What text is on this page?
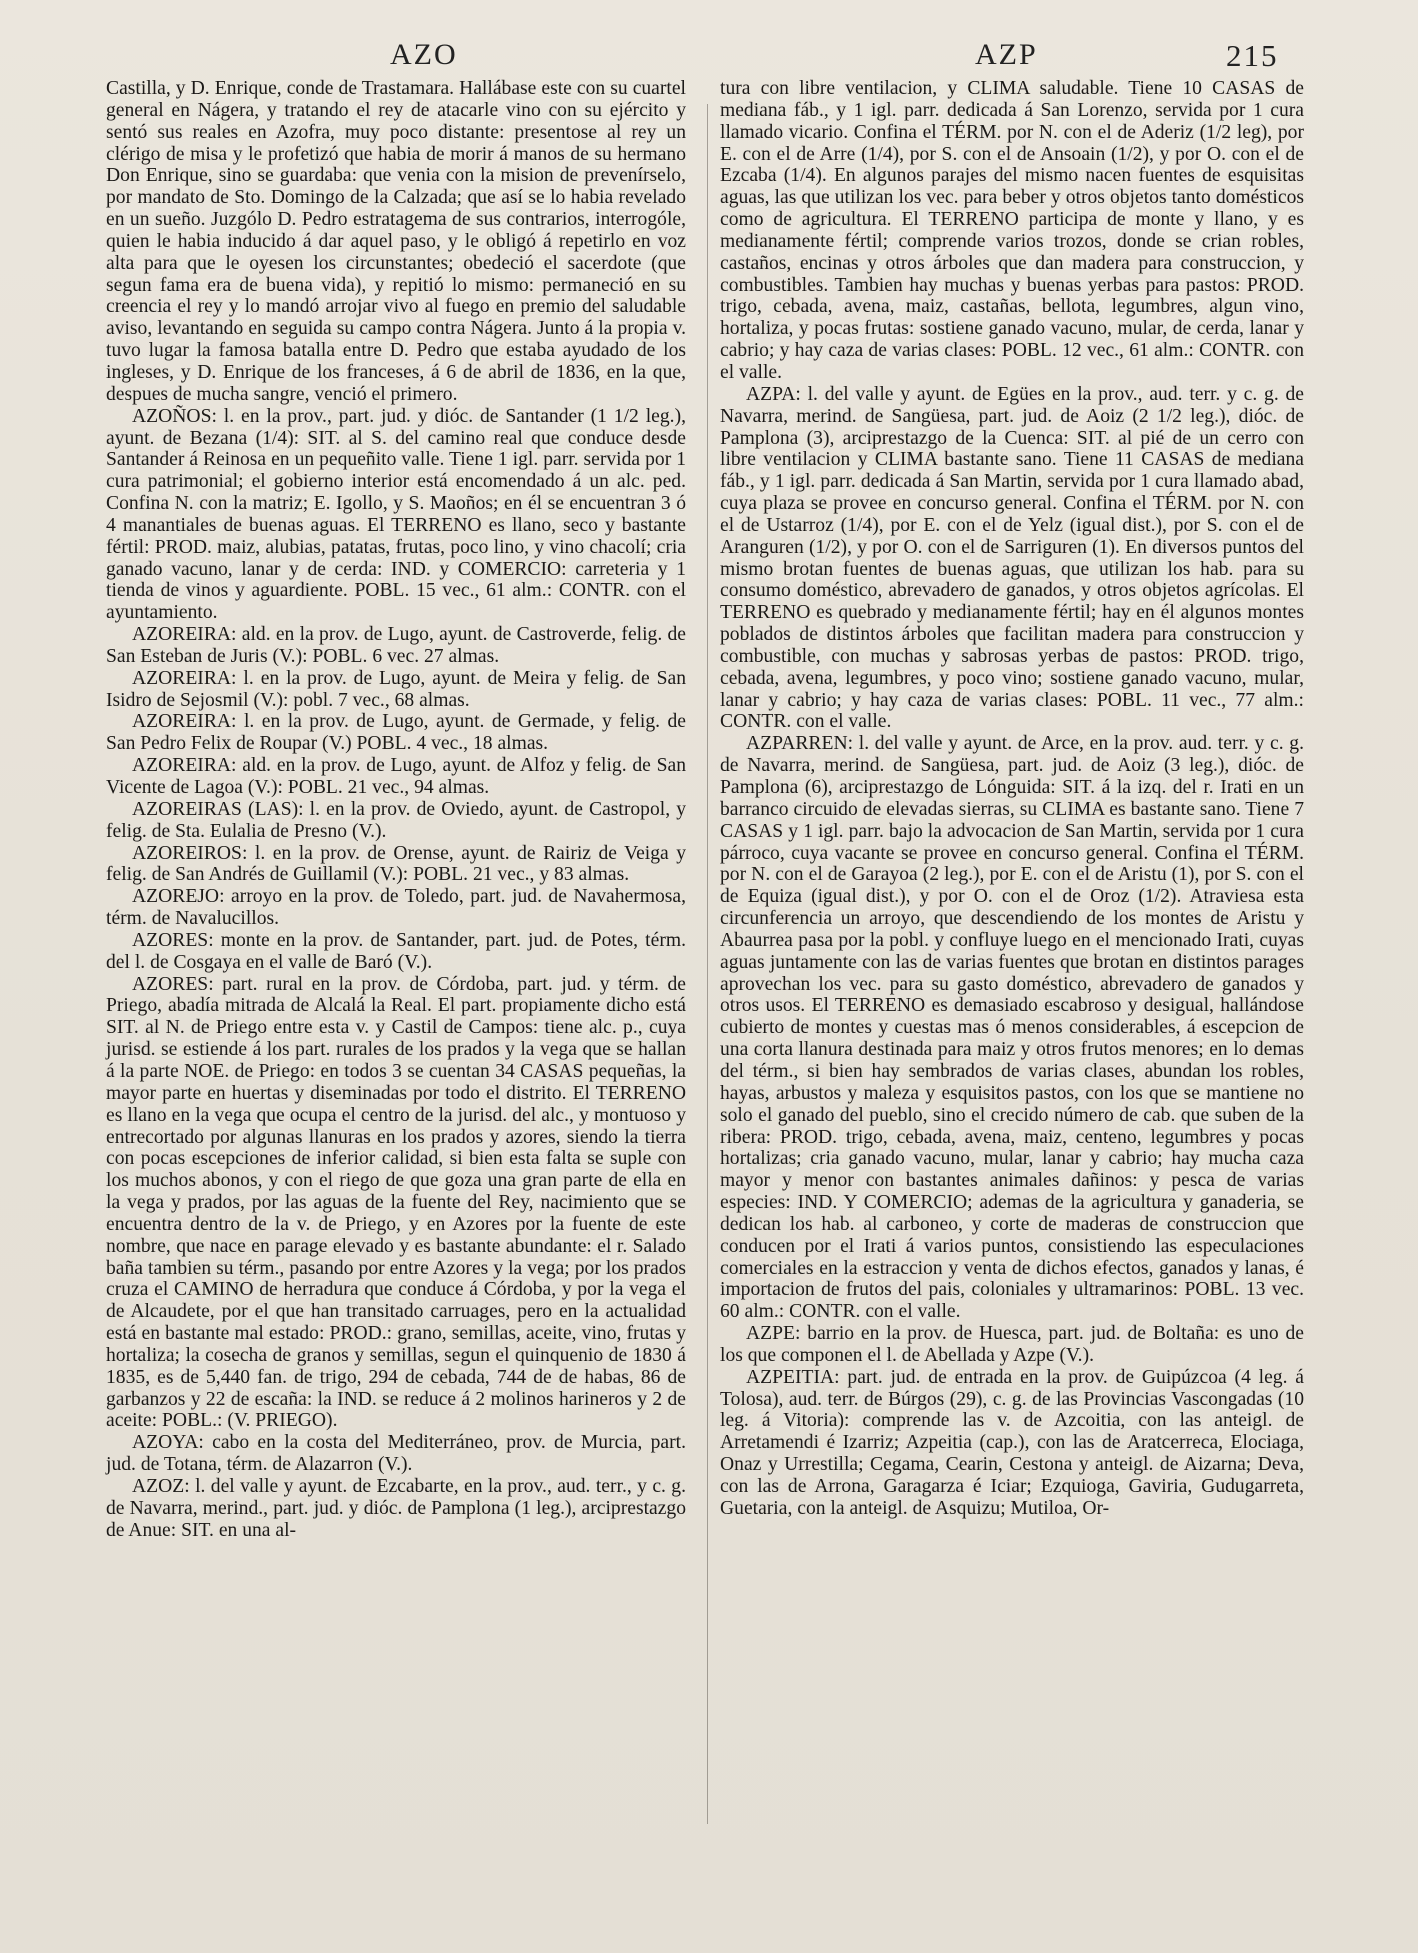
AZO	AZP	215

Castilla, y D. Enrique, conde de Trastamara. Hallábase este con su cuartel general en Nágera, y tratando el rey de atacarle vino con su ejército y sentó sus reales en Azofra, muy poco distante: presentose al rey un clérigo de misa y le profetizó que habia de morir á manos de su hermano Don Enrique, sino se guardaba: que venia con la mision de prevenírselo, por mandato de Sto. Domingo de la Calzada; que así se lo habia revelado en un sueño. Juzgólo D. Pedro estratagema de sus contrarios, interrogóle, quien le habia inducido á dar aquel paso, y le obligó á repetirlo en voz alta para que le oyesen los circunstantes; obedeció el sacerdote (que segun fama era de buena vida), y repitió lo mismo: permaneció en su creencia el rey y lo mandó arrojar vivo al fuego en premio del saludable aviso, levantando en seguida su campo contra Nágera. Junto á la propia v. tuvo lugar la famosa batalla entre D. Pedro que estaba ayudado de los ingleses, y D. Enrique de los franceses, á 6 de abril de 1836, en la que, despues de mucha sangre, venció el primero.

AZOÑOS: l. en la prov., part. jud. y dióc. de Santander (1 1/2 leg.), ayunt. de Bezana (1/4): SIT. al S. del camino real que conduce desde Santander á Reinosa en un pequeñito valle. Tiene 1 igl. parr. servida por 1 cura patrimonial; el gobierno interior está encomendado á un alc. ped. Confina N. con la matriz; E. Igollo, y S. Maoños; en él se encuentran 3 ó 4 manantiales de buenas aguas. El TERRENO es llano, seco y bastante fértil: PROD. maiz, alubias, patatas, frutas, poco lino, y vino chacolí; cria ganado vacuno, lanar y de cerda: IND. y COMERCIO: carreteria y 1 tienda de vinos y aguardiente. POBL. 15 vec., 61 alm.: CONTR. con el ayuntamiento.

AZOREIRA: ald. en la prov. de Lugo, ayunt. de Castroverde, felig. de San Esteban de Juris (V.): POBL. 6 vec. 27 almas.

AZOREIRA: l. en la prov. de Lugo, ayunt. de Meira y felig. de San Isidro de Sejosmil (V.): pobl. 7 vec., 68 almas.

AZOREIRA: l. en la prov. de Lugo, ayunt. de Germade, y felig. de San Pedro Felix de Roupar (V.) POBL. 4 vec., 18 almas.

AZOREIRA: ald. en la prov. de Lugo, ayunt. de Alfoz y felig. de San Vicente de Lagoa (V.): POBL. 21 vec., 94 almas.

AZOREIRAS (LAS): l. en la prov. de Oviedo, ayunt. de Castropol, y felig. de Sta. Eulalia de Presno (V.).

AZOREIROS: l. en la prov. de Orense, ayunt. de Rairiz de Veiga y felig. de San Andrés de Guillamil (V.): POBL. 21 vec., y 83 almas.

AZOREJO: arroyo en la prov. de Toledo, part. jud. de Navahermosa, térm. de Navalucillos.

AZORES: monte en la prov. de Santander, part. jud. de Potes, térm. del l. de Cosgaya en el valle de Baró (V.).

AZORES: part. rural en la prov. de Córdoba, part. jud. y térm. de Priego, abadía mitrada de Alcalá la Real. El part. propiamente dicho está SIT. al N. de Priego entre esta v. y Castil de Campos: tiene alc. p., cuya jurisd. se estiende á los part. rurales de los prados y la vega que se hallan á la parte NOE. de Priego: en todos 3 se cuentan 34 CASAS pequeñas, la mayor parte en huertas y diseminadas por todo el distrito. El TERRENO es llano en la vega que ocupa el centro de la jurisd. del alc., y montuoso y entrecortado por algunas llanuras en los prados y azores, siendo la tierra con pocas escepciones de inferior calidad, si bien esta falta se suple con los muchos abonos, y con el riego de que goza una gran parte de ella en la vega y prados, por las aguas de la fuente del Rey, nacimiento que se encuentra dentro de la v. de Priego, y en Azores por la fuente de este nombre, que nace en parage elevado y es bastante abundante: el r. Salado baña tambien su térm., pasando por entre Azores y la vega; por los prados cruza el CAMINO de herradura que conduce á Córdoba, y por la vega el de Alcaudete, por el que han transitado carruages, pero en la actualidad está en bastante mal estado: PROD.: grano, semillas, aceite, vino, frutas y hortaliza; la cosecha de granos y semillas, segun el quinquenio de 1830 á 1835, es de 5,440 fan. de trigo, 294 de cebada, 744 de de habas, 86 de garbanzos y 22 de escaña: la IND. se reduce á 2 molinos harineros y 2 de aceite: POBL.: (V. PRIEGO).

AZOYA: cabo en la costa del Mediterráneo, prov. de Murcia, part. jud. de Totana, térm. de Alazarron (V.).

AZOZ: l. del valle y ayunt. de Ezcabarte, en la prov., aud. terr., y c. g. de Navarra, merind., part. jud. y dióc. de Pamplona (1 leg.), arciprestazgo de Anue: SIT. en una al-

tura con libre ventilacion, y CLIMA saludable. Tiene 10 CASAS de mediana fáb., y 1 igl. parr. dedicada á San Lorenzo, servida por 1 cura llamado vicario. Confina el TÉRM. por N. con el de Aderiz (1/2 leg), por E. con el de Arre (1/4), por S. con el de Ansoain (1/2), y por O. con el de Ezcaba (1/4). En algunos parajes del mismo nacen fuentes de esquisitas aguas, las que utilizan los vec. para beber y otros objetos tanto domésticos como de agricultura. El TERRENO participa de monte y llano, y es medianamente fértil; comprende varios trozos, donde se crian robles, castaños, encinas y otros árboles que dan madera para construccion, y combustibles. Tambien hay muchas y buenas yerbas para pastos: PROD. trigo, cebada, avena, maiz, castañas, bellota, legumbres, algun vino, hortaliza, y pocas frutas: sostiene ganado vacuno, mular, de cerda, lanar y cabrio; y hay caza de varias clases: POBL. 12 vec., 61 alm.: CONTR. con el valle.

AZPA: l. del valle y ayunt. de Egües en la prov., aud. terr. y c. g. de Navarra, merind. de Sangüesa, part. jud. de Aoiz (2 1/2 leg.), dióc. de Pamplona (3), arciprestazgo de la Cuenca: SIT. al pié de un cerro con libre ventilacion y CLIMA bastante sano. Tiene 11 CASAS de mediana fáb., y 1 igl. parr. dedicada á San Martin, servida por 1 cura llamado abad, cuya plaza se provee en concurso general. Confina el TÉRM. por N. con el de Ustarroz (1/4), por E. con el de Yelz (igual dist.), por S. con el de Aranguren (1/2), y por O. con el de Sarriguren (1). En diversos puntos del mismo brotan fuentes de buenas aguas, que utilizan los hab. para su consumo doméstico, abrevadero de ganados, y otros objetos agrícolas. El TERRENO es quebrado y medianamente fértil; hay en él algunos montes poblados de distintos árboles que facilitan madera para construccion y combustible, con muchas y sabrosas yerbas de pastos: PROD. trigo, cebada, avena, legumbres, y poco vino; sostiene ganado vacuno, mular, lanar y cabrio; y hay caza de varias clases: POBL. 11 vec., 77 alm.: CONTR. con el valle.

AZPARREN: l. del valle y ayunt. de Arce, en la prov. aud. terr. y c. g. de Navarra, merind. de Sangüesa, part. jud. de Aoiz (3 leg.), dióc. de Pamplona (6), arciprestazgo de Lónguida: SIT. á la izq. del r. Irati en un barranco circuido de elevadas sierras, su CLIMA es bastante sano. Tiene 7 CASAS y 1 igl. parr. bajo la advocacion de San Martin, servida por 1 cura párroco, cuya vacante se provee en concurso general. Confina el TÉRM. por N. con el de Garayoa (2 leg.), por E. con el de Aristu (1), por S. con el de Equiza (igual dist.), y por O. con el de Oroz (1/2). Atraviesa esta circunferencia un arroyo, que descendiendo de los montes de Aristu y Abaurrea pasa por la pobl. y confluye luego en el mencionado Irati, cuyas aguas juntamente con las de varias fuentes que brotan en distintos parages aprovechan los vec. para su gasto doméstico, abrevadero de ganados y otros usos. El TERRENO es demasiado escabroso y desigual, hallándose cubierto de montes y cuestas mas ó menos considerables, á escepcion de una corta llanura destinada para maiz y otros frutos menores; en lo demas del térm., si bien hay sembrados de varias clases, abundan los robles, hayas, arbustos y maleza y esquisitos pastos, con los que se mantiene no solo el ganado del pueblo, sino el crecido número de cab. que suben de la ribera: PROD. trigo, cebada, avena, maiz, centeno, legumbres y pocas hortalizas; cria ganado vacuno, mular, lanar y cabrio; hay mucha caza mayor y menor con bastantes animales dañinos: y pesca de varias especies: IND. Y COMERCIO; ademas de la agricultura y ganaderia, se dedican los hab. al carboneo, y corte de maderas de construccion que conducen por el Irati á varios puntos, consistiendo las especulaciones comerciales en la estraccion y venta de dichos efectos, ganados y lanas, é importacion de frutos del pais, coloniales y ultramarinos: POBL. 13 vec. 60 alm.: CONTR. con el valle.

AZPE: barrio en la prov. de Huesca, part. jud. de Boltaña: es uno de los que componen el l. de Abellada y Azpe (V.).

AZPEITIA: part. jud. de entrada en la prov. de Guipúzcoa (4 leg. á Tolosa), aud. terr. de Búrgos (29), c. g. de las Provincias Vascongadas (10 leg. á Vitoria): comprende las v. de Azcoitia, con las anteigl. de Arretamendi é Izarriz; Azpeitia (cap.), con las de Aratcerreca, Elociaga, Onaz y Urrestilla; Cegama, Cearin, Cestona y anteigl. de Aizarna; Deva, con las de Arrona, Garagarza é Iciar; Ezquioga, Gaviria, Gudugarreta, Guetaria, con la anteigl. de Asquizu; Mutiloa, Or-
